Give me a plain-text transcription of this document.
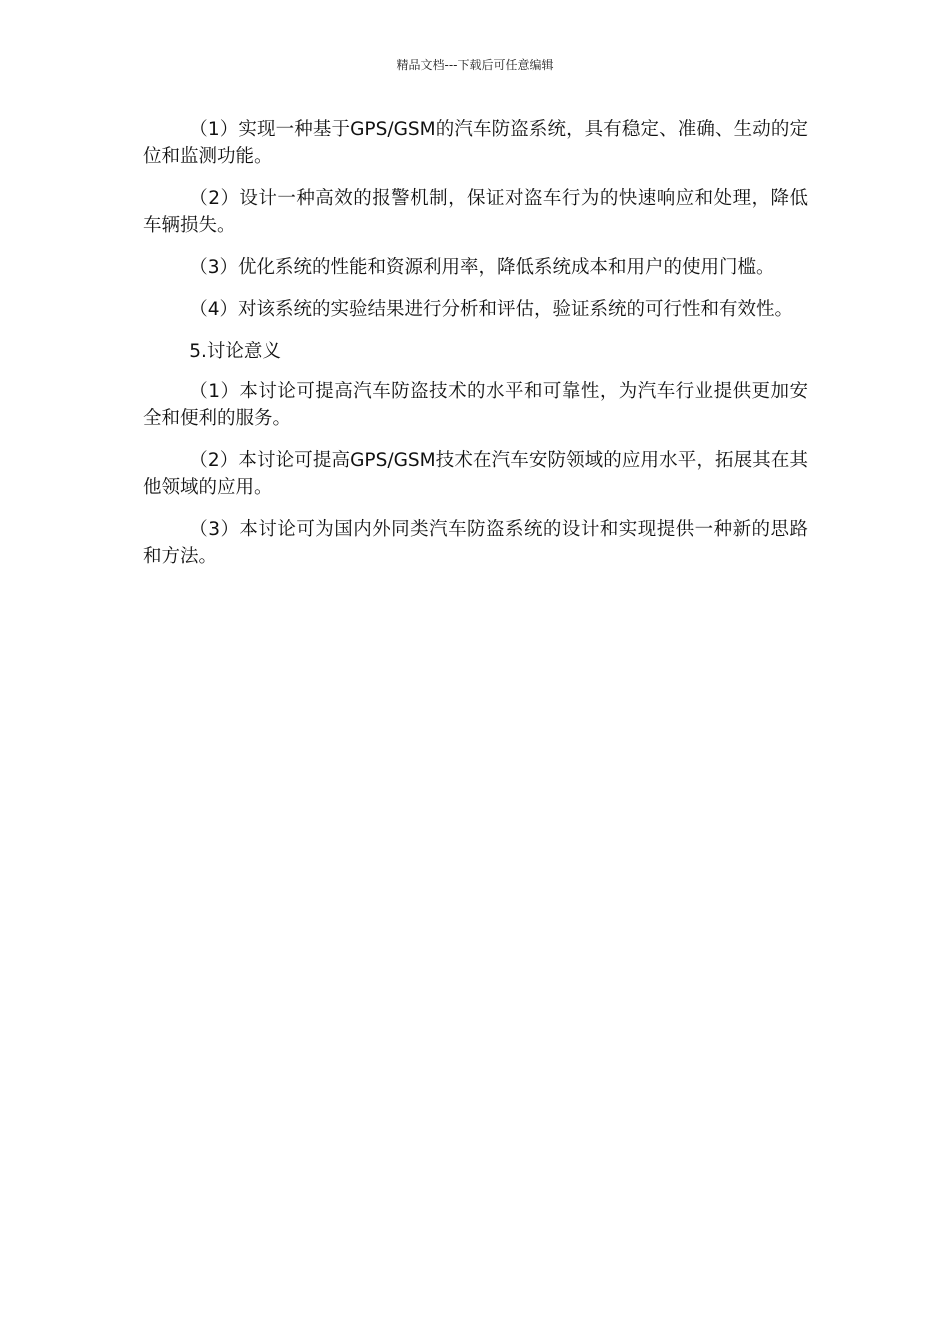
精品文档---下载后可任意编辑

（1）实现一种基于GPS/GSM的汽车防盗系统，具有稳定、准确、生动的定位和监测功能。

（2）设计一种高效的报警机制，保证对盗车行为的快速响应和处理，降低车辆损失。

（3）优化系统的性能和资源利用率，降低系统成本和用户的使用门槛。

（4）对该系统的实验结果进行分析和评估，验证系统的可行性和有效性。

5.讨论意义

（1）本讨论可提高汽车防盗技术的水平和可靠性，为汽车行业提供更加安全和便利的服务。

（2）本讨论可提高GPS/GSM技术在汽车安防领域的应用水平，拓展其在其他领域的应用。

（3）本讨论可为国内外同类汽车防盗系统的设计和实现提供一种新的思路和方法。
